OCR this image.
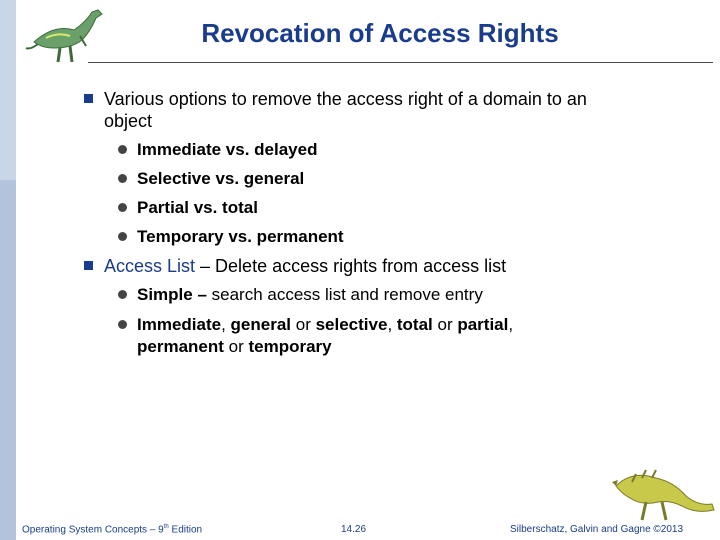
Revocation of Access Rights
Various options to remove the access right of a domain to an object
Immediate vs. delayed
Selective vs. general
Partial vs. total
Temporary vs. permanent
Access List – Delete access rights from access list
Simple – search access list and remove entry
Immediate, general or selective, total or partial,
permanent or temporary
Operating System Concepts – 9th Edition	14.26	Silberschatz, Galvin and Gagne ©2013
